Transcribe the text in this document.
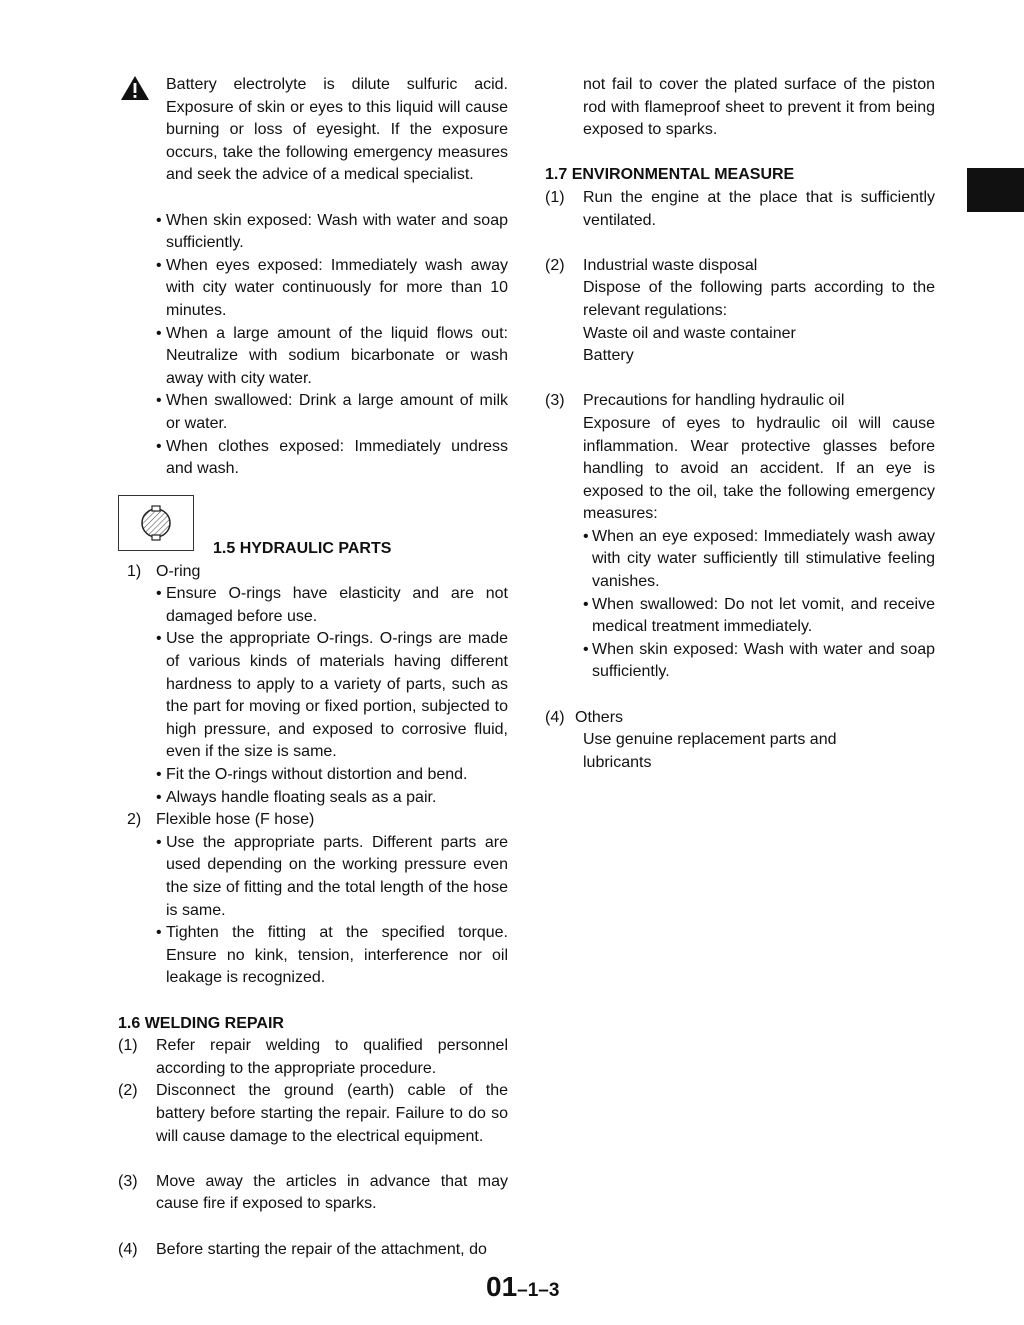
Battery electrolyte is dilute sulfuric acid. Exposure of skin or eyes to this liquid will cause burning or loss of eyesight. If the exposure occurs, take the following emergency measures and seek the advice of a medical specialist.

• When skin exposed: Wash with water and soap sufficiently.

• When eyes exposed: Immediately wash away with city water continuously for more than 10 minutes.

• When a large amount of the liquid flows out: Neutralize with sodium bicarbonate or wash away with city water.

• When swallowed: Drink a large amount of milk or water.

• When clothes exposed: Immediately undress and wash.

1.5 HYDRAULIC PARTS
1) O-ring

• Ensure O-rings have elasticity and are not damaged before use.

• Use the appropriate O-rings. O-rings are made of various kinds of materials having different hardness to apply to a variety of parts, such as the part for moving or fixed portion, subjected to high pressure, and exposed to corrosive fluid, even if the size is same.

• Fit the O-rings without distortion and bend.

• Always handle floating seals as a pair.

2) Flexible hose (F hose)

• Use the appropriate parts. Different parts are used depending on the working pressure even the size of fitting and the total length of the hose is same.

• Tighten the fitting at the specified torque. Ensure no kink, tension, interference nor oil leakage is recognized.

1.6 WELDING REPAIR

(1) Refer repair welding to qualified personnel according to the appropriate procedure.

(2) Disconnect the ground (earth) cable of the battery before starting the repair. Failure to do so will cause damage to the electrical equipment.

(3) Move away the articles in advance that may cause fire if exposed to sparks.

(4) Before starting the repair of the attachment, do

not fail to cover the plated surface of the piston rod with flameproof sheet to prevent it from being exposed to sparks.

1.7 ENVIRONMENTAL MEASURE

(1) Run the engine at the place that is sufficiently ventilated.

(2) Industrial waste disposal

Dispose of the following parts according to the relevant regulations:

Waste oil and waste container

Battery

(3) Precautions for handling hydraulic oil

Exposure of eyes to hydraulic oil will cause inflammation. Wear protective glasses before handling to avoid an accident. If an eye is exposed to the oil, take the following emergency measures:

• When an eye exposed: Immediately wash away with city water sufficiently till stimulative feeling vanishes.

• When swallowed: Do not let vomit, and receive medical treatment immediately.

• When skin exposed: Wash with water and soap sufficiently.

(4) Others

Use genuine replacement parts and lubricants

01–1–3
